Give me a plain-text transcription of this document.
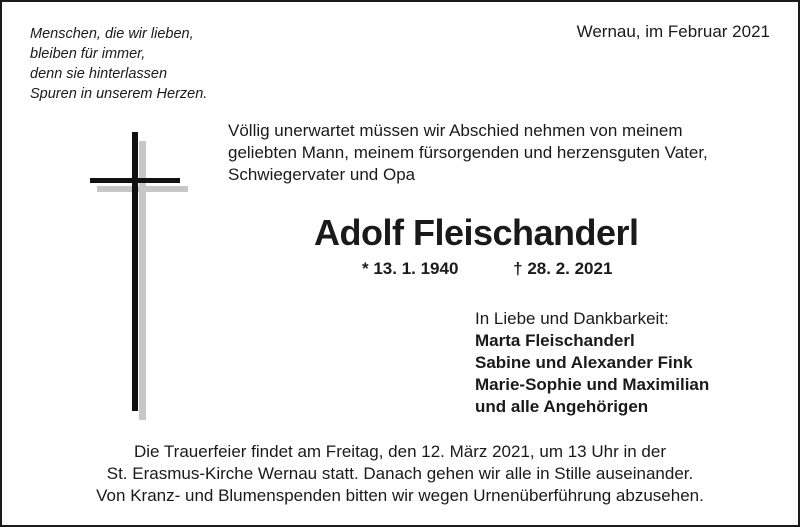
Menschen, die wir lieben,
bleiben für immer,
denn sie hinterlassen
Spuren in unserem Herzen.
Wernau, im Februar 2021
Völlig unerwartet müssen wir Abschied nehmen von meinem
geliebten Mann, meinem fürsorgenden und herzensguten Vater,
Schwiegervater und Opa
Adolf Fleischanderl
* 13. 1. 1940	† 28. 2. 2021
In Liebe und Dankbarkeit:
Marta Fleischanderl
Sabine und Alexander Fink
Marie-Sophie und Maximilian
und alle Angehörigen
Die Trauerfeier findet am Freitag, den 12. März 2021, um 13 Uhr in der
St. Erasmus-Kirche Wernau statt. Danach gehen wir alle in Stille auseinander.
Von Kranz- und Blumenspenden bitten wir wegen Urnenüberführung abzusehen.
